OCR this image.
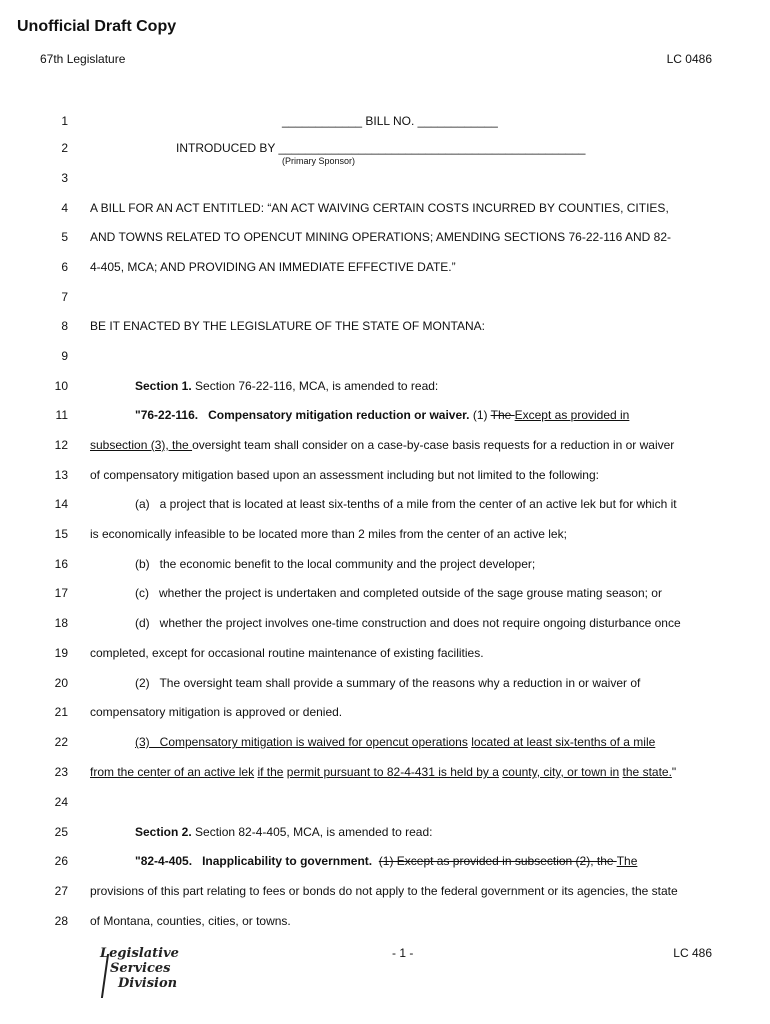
Unofficial Draft Copy
67th Legislature	LC 0486
1	____________ BILL NO. ____________
2	INTRODUCED BY ______________________________________________
(Primary Sponsor)
3
4 A BILL FOR AN ACT ENTITLED: “AN ACT WAIVING CERTAIN COSTS INCURRED BY COUNTIES, CITIES,
5 AND TOWNS RELATED TO OPENCUT MINING OPERATIONS; AMENDING SECTIONS 76-22-116 AND 82-
6 4-405, MCA; AND PROVIDING AN IMMEDIATE EFFECTIVE DATE.”
7
8 BE IT ENACTED BY THE LEGISLATURE OF THE STATE OF MONTANA:
9
10	Section 1. Section 76-22-116, MCA, is amended to read:
11	"76-22-116. Compensatory mitigation reduction or waiver. (1) The Except as provided in
12 subsection (3), the oversight team shall consider on a case-by-case basis requests for a reduction in or waiver
13 of compensatory mitigation based upon an assessment including but not limited to the following:
14	(a)   a project that is located at least six-tenths of a mile from the center of an active lek but for which it
15 is economically infeasible to be located more than 2 miles from the center of an active lek;
16	(b)   the economic benefit to the local community and the project developer;
17	(c)   whether the project is undertaken and completed outside of the sage grouse mating season; or
18	(d)   whether the project involves one-time construction and does not require ongoing disturbance once
19 completed, except for occasional routine maintenance of existing facilities.
20	(2)   The oversight team shall provide a summary of the reasons why a reduction in or waiver of
21 compensatory mitigation is approved or denied.
22	(3)   Compensatory mitigation is waived for opencut operations located at least six-tenths of a mile
23 from the center of an active lek if the permit pursuant to 82-4-431 is held by a county, city, or town in the state."
24
25	Section 2. Section 82-4-405, MCA, is amended to read:
26	"82-4-405. Inapplicability to government. (1) Except as provided in subsection (2), the The
27 provisions of this part relating to fees or bonds do not apply to the federal government or its agencies, the state
28 of Montana, counties, cities, or towns.
Legislative
Services
Division
- 1 -	LC 486
